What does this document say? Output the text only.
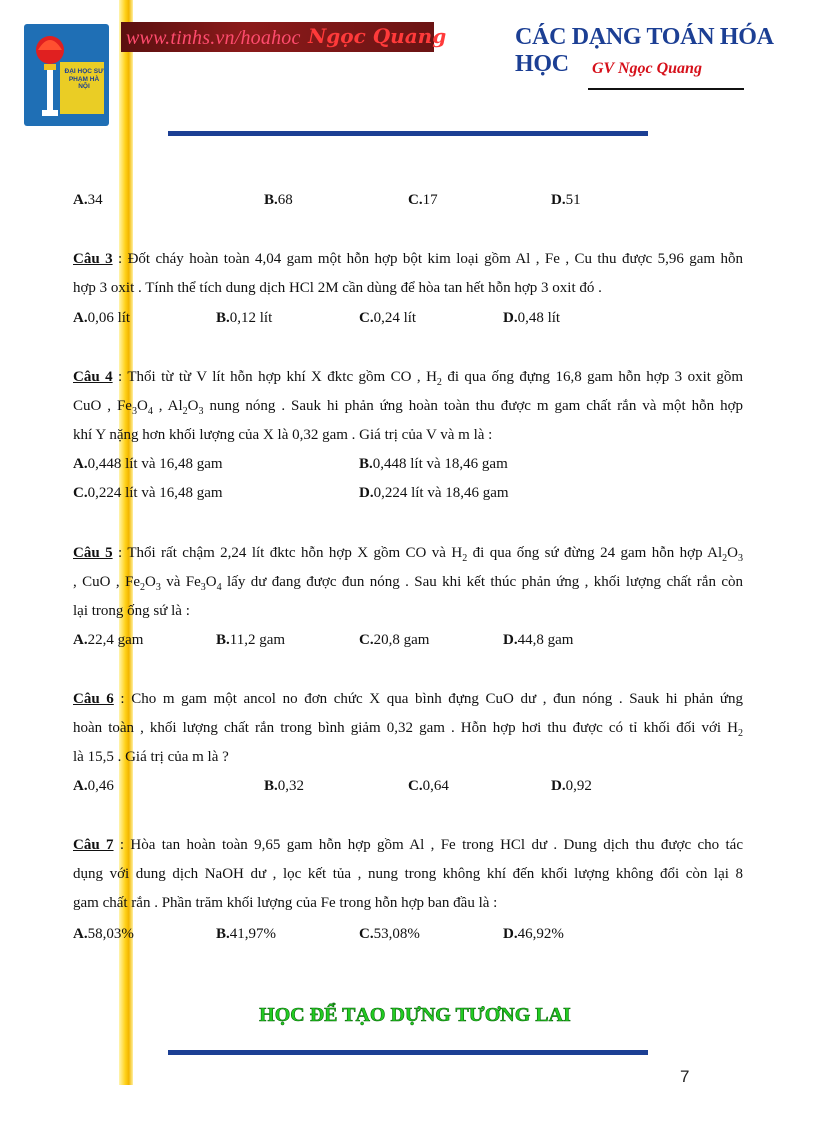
ĐẠI HỌC SƯ PHẠM HÀ NỘI
www.tinhs.vn/hoahoc Ngọc Quang	CÁC DẠNG TOÁN HÓA HỌC	GV Ngọc Quang
A.34	B.68	C.17	D.51
Câu 3 : Đốt cháy hoàn toàn 4,04 gam một hỗn hợp bột kim loại gồm Al , Fe , Cu thu được 5,96 gam hỗn
hợp 3 oxit . Tính thể tích dung dịch HCl 2M cần dùng để hòa tan hết hỗn hợp 3 oxit đó .
A.0,06 lít	B.0,12 lít	C.0,24 lít	D.0,48 lít
Câu 4 : Thổi từ từ V lít hỗn hợp khí X đktc gồm CO , $H_2$ đi qua ống đựng 16,8 gam hỗn hợp 3 oxit gồm
CuO , $Fe_3O_4$ , $Al_2O_3$ nung nóng . Sauk hi phản ứng hoàn toàn thu được m gam chất rắn và một hỗn hợp
khí Y nặng hơn khối lượng của X là 0,32 gam . Giá trị của V và m là :
A.0,448 lít và 16,48 gam	B.0,448 lít và 18,46 gam
C.0,224 lít và 16,48 gam	D.0,224 lít và 18,46 gam
Câu 5 : Thổi rất chậm 2,24 lít đktc hỗn hợp X gồm CO và $H_2$ đi qua ống sứ đừng 24 gam hỗn hợp $Al_2O_3$
, CuO , $Fe_2O_3$ và $Fe_3O_4$ lấy dư đang được đun nóng . Sau khi kết thúc phản ứng , khối lượng chất rắn còn
lại trong ống sứ là :
A.22,4 gam	B.11,2 gam	C.20,8 gam	D.44,8 gam
Câu 6 : Cho m gam một ancol no đơn chức X qua bình đựng CuO dư , đun nóng . Sauk hi phản ứng
hoàn toàn , khối lượng chất rắn trong bình giảm 0,32 gam . Hỗn hợp hơi thu được có tỉ khối đối với $H_2$
là 15,5 . Giá trị của m là ?
A.0,46	B.0,32	C.0,64	D.0,92
Câu 7 : Hòa tan hoàn toàn 9,65 gam hỗn hợp gồm Al , Fe trong HCl dư . Dung dịch thu được cho tác
dụng với dung dịch NaOH dư , lọc kết tủa , nung trong không khí đến khối lượng không đổi còn lại 8
gam chất rắn . Phần trăm khối lượng của Fe trong hỗn hợp ban đầu là :
A.58,03%	B.41,97%	C.53,08%	D.46,92%
HỌC ĐỂ TẠO DỰNG TƯƠNG LAI
7
